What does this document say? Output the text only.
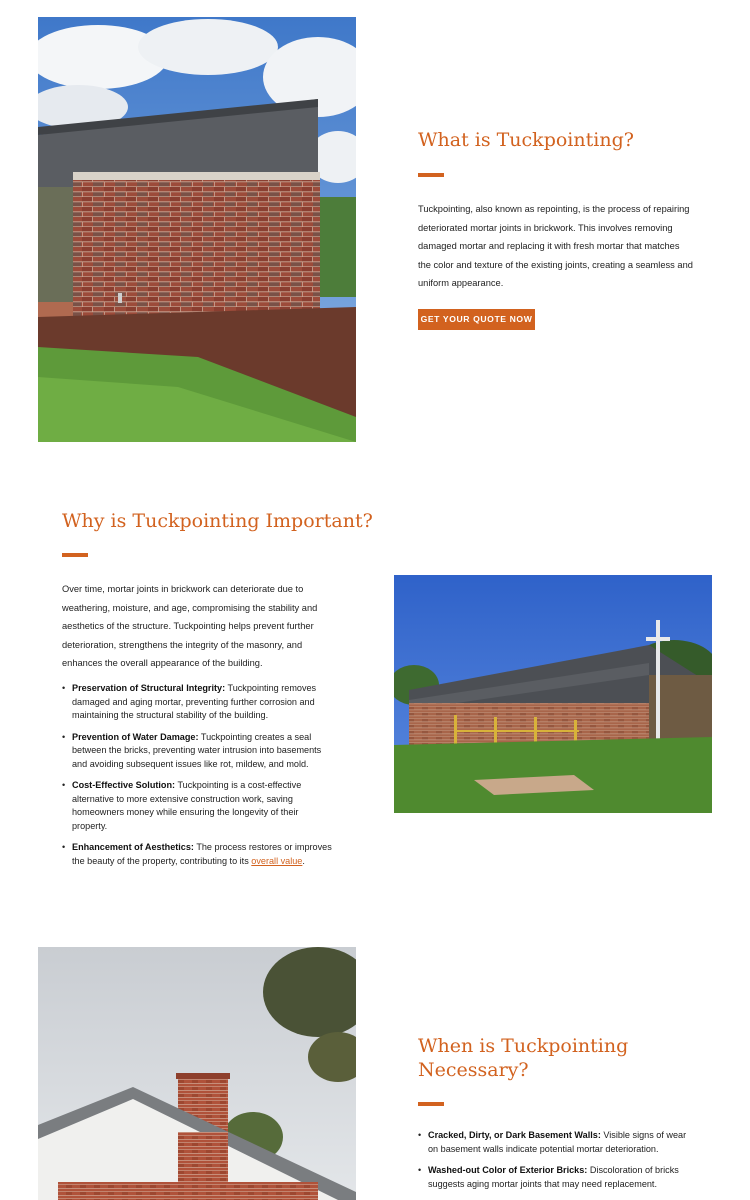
What is Tuckpointing?

Tuckpointing, also known as repointing, is the process of repairing deteriorated mortar joints in brickwork. This involves removing damaged mortar and replacing it with fresh mortar that matches the color and texture of the existing joints, creating a seamless and uniform appearance.

GET YOUR QUOTE NOW
Why is Tuckpointing Important?

Over time, mortar joints in brickwork can deteriorate due to weathering, moisture, and age, compromising the stability and aesthetics of the structure. Tuckpointing helps prevent further deterioration, strengthens the integrity of the masonry, and enhances the overall appearance of the building.

• Preservation of Structural Integrity: Tuckpointing removes damaged and aging mortar, preventing further corrosion and maintaining the structural stability of the building.
• Prevention of Water Damage: Tuckpointing creates a seal between the bricks, preventing water intrusion into basements and avoiding subsequent issues like rot, mildew, and mold.
• Cost-Effective Solution: Tuckpointing is a cost-effective alternative to more extensive construction work, saving homeowners money while ensuring the longevity of their property.
• Enhancement of Aesthetics: The process restores or improves the beauty of the property, contributing to its overall value.
When is Tuckpointing Necessary?
• Cracked, Dirty, or Dark Basement Walls: Visible signs of wear on basement walls indicate potential mortar deterioration.
• Washed-out Color of Exterior Bricks: Discoloration of bricks suggests aging mortar joints that may need replacement.
